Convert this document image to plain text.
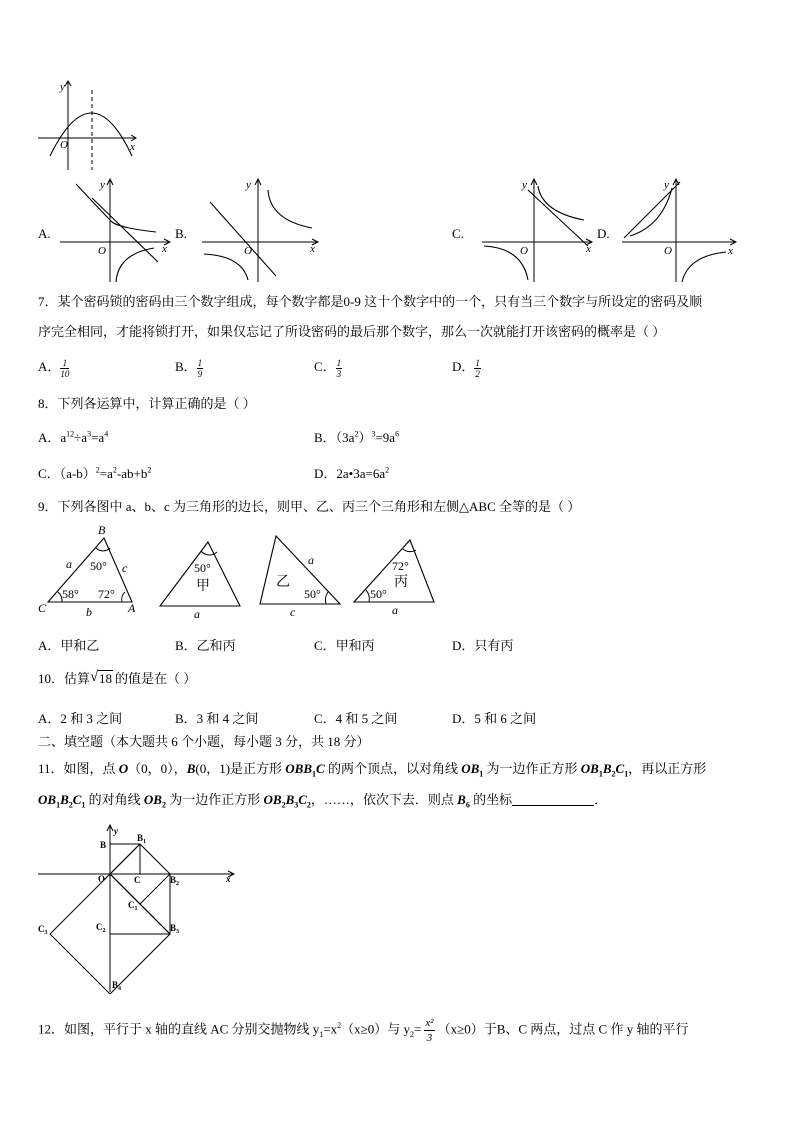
y
x
O
A.
y
x
O
B.
y
x
O
C.
y
x
O
D.
y
x
O
7．某个密码锁的密码由三个数字组成，每个数字都是0-9 这十个数字中的一个，只有当三个数字与所设定的密码及顺
序完全相同，才能将锁打开，如果仅忘记了所设密码的最后那个数字，那么一次就能打开该密码的概率是（ ）
A． $\frac{1}{10}$	B． $\frac{1}{9}$	C． $\frac{1}{3}$	D． $\frac{1}{2}$
8．下列各运算中，计算正确的是（ ）
A．$a^{12}\div a^3=a^4$	B．$(3a^2)^3=9a^6$
C．$(a-b)^2=a^2-ab+b^2$	D．$2a•3a=6a^2$
9．下列各图中 a、b、c 为三角形的边长，则甲、乙、丙三个三角形和左侧△ABC 全等的是（ ）
B
C	A
a	c
b
50°
58° 72°
50°
甲
a
乙
a
50°
c
72°
丙
50°
a
A．甲和乙	B．乙和丙	C．甲和丙	D．只有丙
10．估算 √ 18 的值是在（ ）
A．2 和 3 之间	B．3 和 4 之间	C．4 和 5 之间	D．5 和 6 之间
二、填空题（本大题共 6 个小题，每小题 3 分，共 18 分）
11．如图，点 O（0，0），B(0，1)是正方形 $OBB_1C$ 的两个顶点，以对角线 $OB_1$ 为一边作正方形 $OB_1B_2C_1$，再以正方形
$OB_1B_2C_1$ 的对角线 $OB_2$ 为一边作正方形 $OB_2B_3C_2$，……，依次下去．则点 $B_6$ 的坐标	．
y
x
B
$B_1$
O	C	$B_2$
$C_1$
$C_2$	$B_3$
$C_3$
$B_4$
12．如图，平行于 x 轴的直线 AC 分别交抛物线 $y_1=x^2(x\ge 0)$与 $y_2= \frac{\text{x²}}{3} (x\ge 0)$于B、C 两点，过点 C 作 y 轴的平行
